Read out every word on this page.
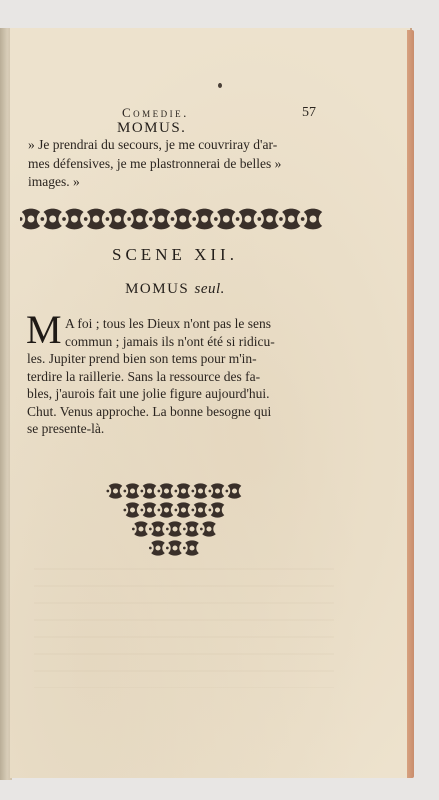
Comedie.	57
MOMUS.
» Je prendrai du secours, je me couvriray d'ar-
mes défensives, je me plastronnerai de belles »
images. »
SCENE XII.
MOMUS seul.
M A foi ; tous les Dieux n'ont pas le sens
commun ; jamais ils n'ont été si ridicu-
les. Jupiter prend bien son tems pour m'in-
terdire la raillerie. Sans la ressource des fa-
bles, j'aurois fait une jolie figure aujourd'hui.
Chut. Venus approche. La bonne besogne qui
se presente-là.
